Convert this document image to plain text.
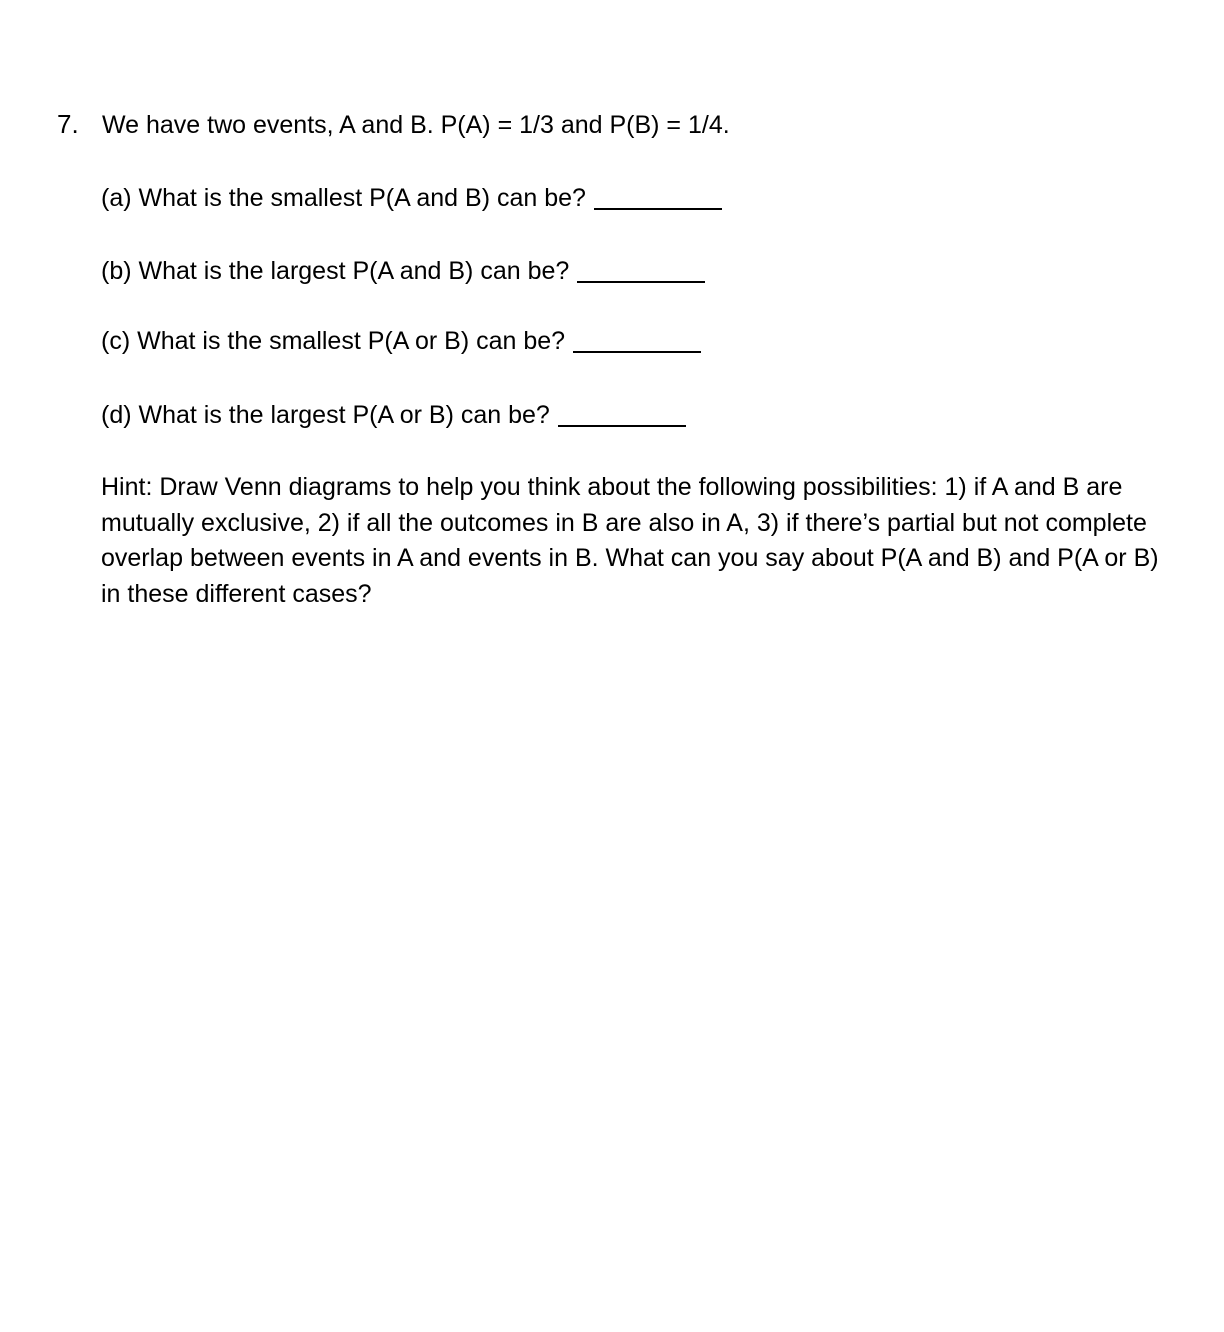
7. We have two events, A and B. P(A) = 1/3 and P(B) = 1/4.
(a) What is the smallest P(A and B) can be?
(b) What is the largest P(A and B) can be?
(c) What is the smallest P(A or B) can be?
(d) What is the largest P(A or B) can be?
Hint: Draw Venn diagrams to help you think about the following possibilities: 1) if A and B are mutually exclusive, 2) if all the outcomes in B are also in A, 3) if there’s partial but not complete overlap between events in A and events in B. What can you say about P(A and B) and P(A or B) in these different cases?
